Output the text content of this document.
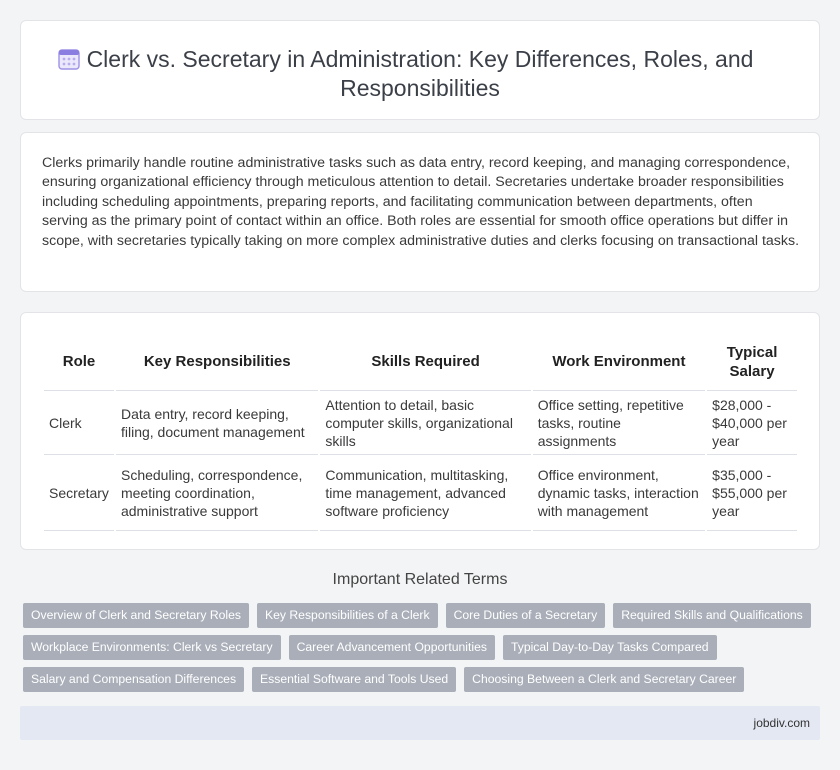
Clerk vs. Secretary in Administration: Key Differences, Roles, and Responsibilities

Clerks primarily handle routine administrative tasks such as data entry, record keeping, and managing correspondence, ensuring organizational efficiency through meticulous attention to detail. Secretaries undertake broader responsibilities including scheduling appointments, preparing reports, and facilitating communication between departments, often serving as the primary point of contact within an office. Both roles are essential for smooth office operations but differ in scope, with secretaries typically taking on more complex administrative duties and clerks focusing on transactional tasks.

Role	Key Responsibilities	Skills Required	Work Environment	Typical Salary
Clerk	Data entry, record keeping, filing, document management	Attention to detail, basic computer skills, organizational skills	Office setting, repetitive tasks, routine assignments	$28,000 - $40,000 per year
Secretary	Scheduling, correspondence, meeting coordination, administrative support	Communication, multitasking, time management, advanced software proficiency	Office environment, dynamic tasks, interaction with management	$35,000 - $55,000 per year
Important Related Terms
Overview of Clerk and Secretary Roles	Key Responsibilities of a Clerk	Core Duties of a Secretary	Required Skills and Qualifications
Workplace Environments: Clerk vs Secretary	Career Advancement Opportunities	Typical Day-to-Day Tasks Compared
Salary and Compensation Differences	Essential Software and Tools Used	Choosing Between a Clerk and Secretary Career
jobdiv.com
